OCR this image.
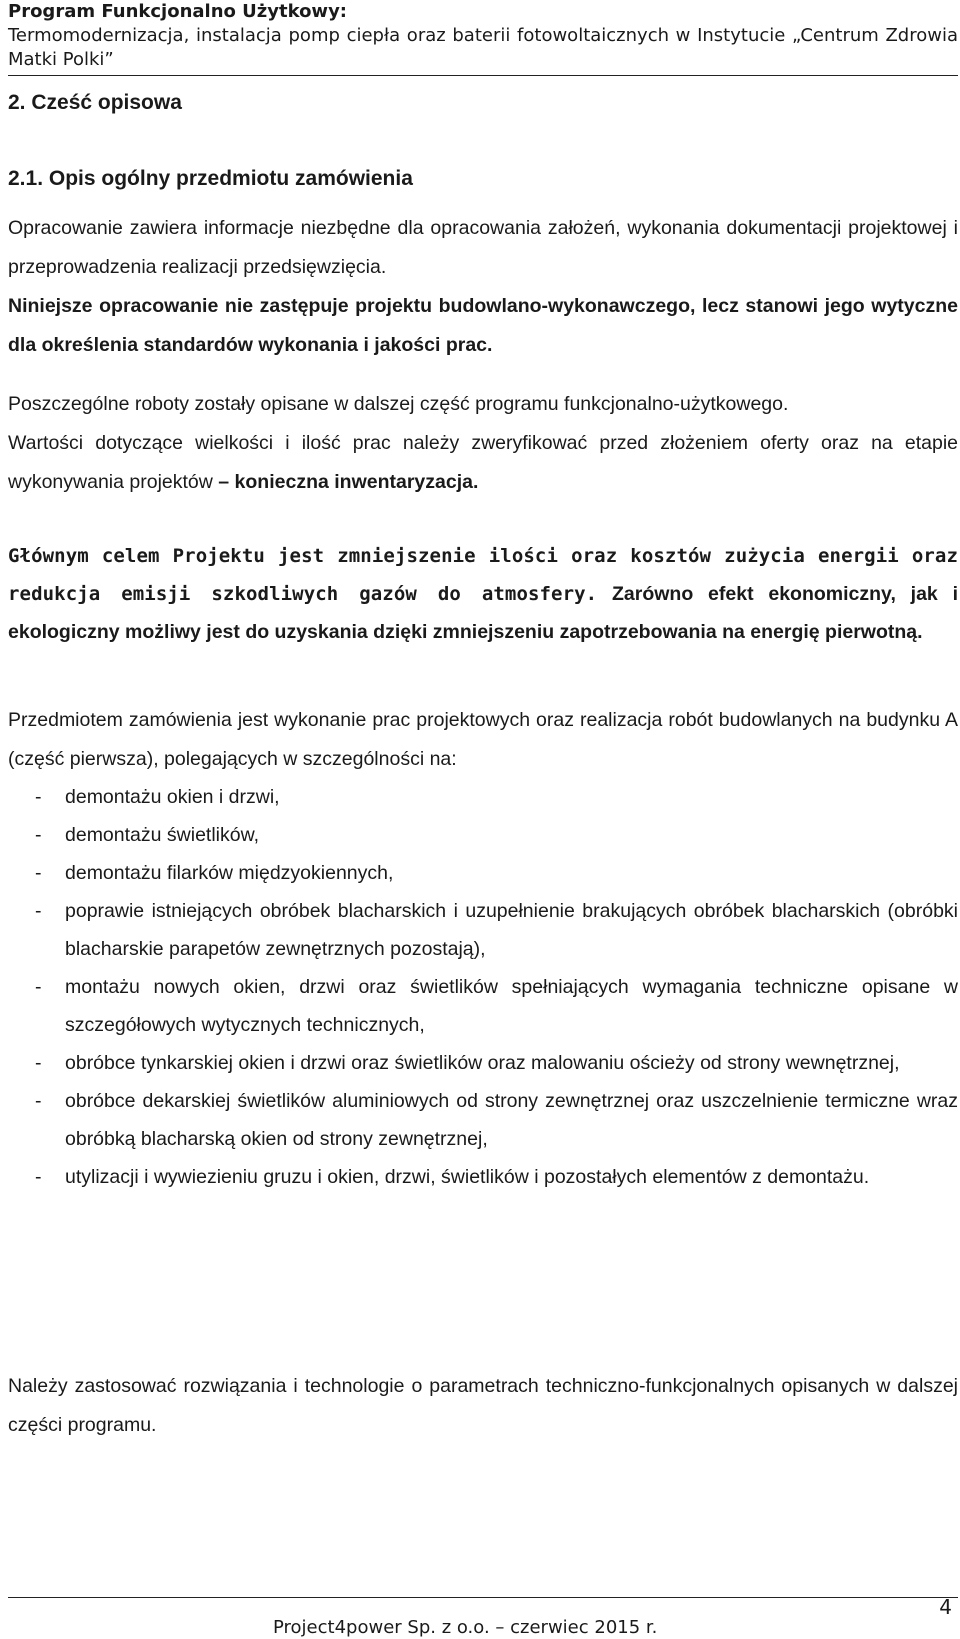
Program Funkcjonalno Użytkowy:
Termomodernizacja, instalacja pomp ciepła oraz baterii fotowoltaicznych w Instytucie „Centrum Zdrowia Matki Polki”
2. Cześć opisowa
2.1. Opis ogólny przedmiotu zamówienia
Opracowanie zawiera informacje niezbędne dla opracowania założeń, wykonania dokumentacji projektowej i przeprowadzenia realizacji przedsięwzięcia.
Niniejsze opracowanie nie zastępuje projektu budowlano-wykonawczego, lecz stanowi jego wytyczne dla określenia standardów wykonania i jakości prac.
Poszczególne roboty zostały opisane w dalszej część programu funkcjonalno-użytkowego.
Wartości dotyczące wielkości i ilość prac należy zweryfikować przed złożeniem oferty oraz na etapie wykonywania projektów – konieczna inwentaryzacja.
Głównym celem Projektu jest zmniejszenie ilości oraz kosztów zużycia energii oraz redukcja emisji szkodliwych gazów do atmosfery. Zarówno efekt ekonomiczny, jak i ekologiczny możliwy jest do uzyskania dzięki zmniejszeniu zapotrzebowania na energię pierwotną.
Przedmiotem zamówienia jest wykonanie prac projektowych oraz realizacja robót budowlanych na budynku A (część pierwsza), polegających w szczególności na:
- demontażu okien i drzwi,
- demontażu świetlików,
- demontażu filarków międzyokiennych,
- poprawie istniejących obróbek blacharskich i uzupełnienie brakujących obróbek blacharskich (obróbki blacharskie parapetów zewnętrznych pozostają),
- montażu nowych okien, drzwi oraz świetlików spełniających wymagania techniczne opisane w szczegółowych wytycznych technicznych,
- obróbce tynkarskiej okien i drzwi oraz świetlików oraz malowaniu ościeży od strony wewnętrznej,
- obróbce dekarskiej świetlików aluminiowych od strony zewnętrznej oraz uszczelnienie termiczne wraz obróbką blacharską okien od strony zewnętrznej,
- utylizacji i wywiezieniu gruzu i okien, drzwi, świetlików i pozostałych elementów z demontażu.
Należy zastosować rozwiązania i technologie o parametrach techniczno-funkcjonalnych opisanych w dalszej części programu.
4
Project4power Sp. z o.o. – czerwiec 2015 r.
